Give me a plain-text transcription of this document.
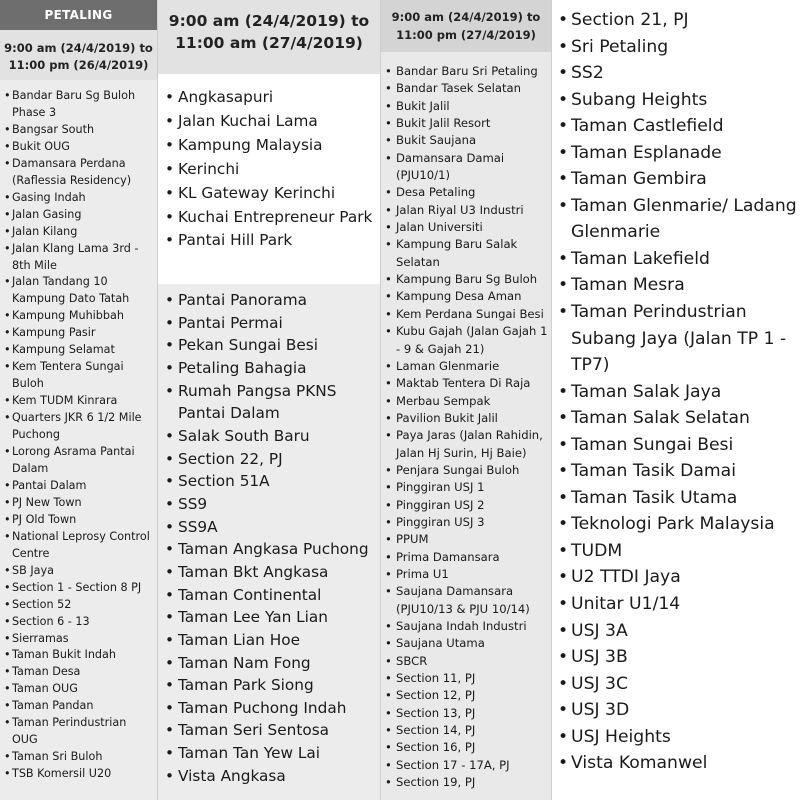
PETALING
9:00 am (24/4/2019) to 11:00 pm (26/4/2019)
• Bandar Baru Sg Buloh Phase 3
• Bangsar South
• Bukit OUG
• Damansara Perdana (Raflessia Residency)
• Gasing Indah
• Jalan Gasing
• Jalan Kilang
• Jalan Klang Lama 3rd - 8th Mile
• Jalan Tandang 10 Kampung Dato Tatah
• Kampung Muhibbah
• Kampung Pasir
• Kampung Selamat
• Kem Tentera Sungai Buloh
• Kem TUDM Kinrara
• Quarters JKR 6 1/2 Mile Puchong
• Lorong Asrama Pantai Dalam
• Pantai Dalam
• PJ New Town
• PJ Old Town
• National Leprosy Control Centre
• SB Jaya
• Section 1 - Section 8 PJ
• Section 52
• Section 6 - 13
• Sierramas
• Taman Bukit Indah
• Taman Desa
• Taman OUG
• Taman Pandan
• Taman Perindustrian OUG
• Taman Sri Buloh
• TSB Komersil U20
9:00 am (24/4/2019) to 11:00 am (27/4/2019)
• Angkasapuri
• Jalan Kuchai Lama
• Kampung Malaysia
• Kerinchi
• KL Gateway Kerinchi
• Kuchai Entrepreneur Park
• Pantai Hill Park
• Pantai Panorama
• Pantai Permai
• Pekan Sungai Besi
• Petaling Bahagia
• Rumah Pangsa PKNS Pantai Dalam
• Salak South Baru
• Section 22, PJ
• Section 51A
• SS9
• SS9A
• Taman Angkasa Puchong
• Taman Bkt Angkasa
• Taman Continental
• Taman Lee Yan Lian
• Taman Lian Hoe
• Taman Nam Fong
• Taman Park Siong
• Taman Puchong Indah
• Taman Seri Sentosa
• Taman Tan Yew Lai
• Vista Angkasa
9:00 am (24/4/2019) to 11:00 pm (27/4/2019)
• Bandar Baru Sri Petaling
• Bandar Tasek Selatan
• Bukit Jalil
• Bukit Jalil Resort
• Bukit Saujana
• Damansara Damai (PJU10/1)
• Desa Petaling
• Jalan Riyal U3 Industri
• Jalan Universiti
• Kampung Baru Salak Selatan
• Kampung Baru Sg Buloh
• Kampung Desa Aman
• Kem Perdana Sungai Besi
• Kubu Gajah (Jalan Gajah 1 - 9 & Gajah 21)
• Laman Glenmarie
• Maktab Tentera Di Raja
• Merbau Sempak
• Pavilion Bukit Jalil
• Paya Jaras (Jalan Rahidin, Jalan Hj Surin, Hj Baie)
• Penjara Sungai Buloh
• Pinggiran USJ 1
• Pinggiran USJ 2
• Pinggiran USJ 3
• PPUM
• Prima Damansara
• Prima U1
• Saujana Damansara (PJU10/13 & PJU 10/14)
• Saujana Indah Industri
• Saujana Utama
• SBCR
• Section 11, PJ
• Section 12, PJ
• Section 13, PJ
• Section 14, PJ
• Section 16, PJ
• Section 17 - 17A, PJ
• Section 19, PJ
• Section 21, PJ
• Sri Petaling
• SS2
• Subang Heights
• Taman Castlefield
• Taman Esplanade
• Taman Gembira
• Taman Glenmarie/ Ladang Glenmarie
• Taman Lakefield
• Taman Mesra
• Taman Perindustrian Subang Jaya (Jalan TP 1 - TP7)
• Taman Salak Jaya
• Taman Salak Selatan
• Taman Sungai Besi
• Taman Tasik Damai
• Taman Tasik Utama
• Teknologi Park Malaysia
• TUDM
• U2 TTDI Jaya
• Unitar U1/14
• USJ 3A
• USJ 3B
• USJ 3C
• USJ 3D
• USJ Heights
• Vista Komanwel
